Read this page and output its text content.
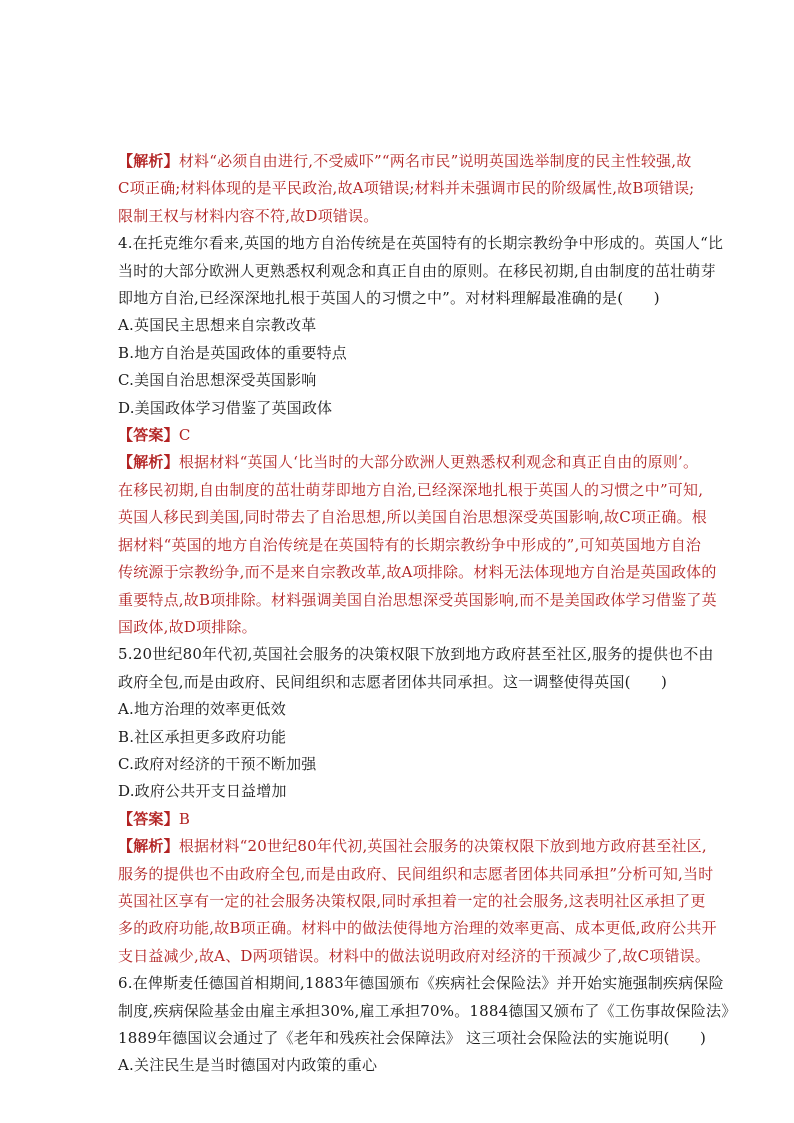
【解析】材料“必须自由进行,不受威吓”“两名市民”说明英国选举制度的民主性较强,故
C项正确;材料体现的是平民政治,故A项错误;材料并未强调市民的阶级属性,故B项错误;
限制王权与材料内容不符,故D项错误。
4.在托克维尔看来,英国的地方自治传统是在英国特有的长期宗教纷争中形成的。英国人“比
当时的大部分欧洲人更熟悉权利观念和真正自由的原则。在移民初期,自由制度的茁壮萌芽
即地方自治,已经深深地扎根于英国人的习惯之中”。对材料理解最准确的是(　　)
A.英国民主思想来自宗教改革
B.地方自治是英国政体的重要特点
C.美国自治思想深受英国影响
D.美国政体学习借鉴了英国政体
【答案】C
【解析】根据材料“英国人‘比当时的大部分欧洲人更熟悉权利观念和真正自由的原则’。
在移民初期,自由制度的茁壮萌芽即地方自治,已经深深地扎根于英国人的习惯之中”可知,
英国人移民到美国,同时带去了自治思想,所以美国自治思想深受英国影响,故C项正确。根
据材料“英国的地方自治传统是在英国特有的长期宗教纷争中形成的”,可知英国地方自治
传统源于宗教纷争,而不是来自宗教改革,故A项排除。材料无法体现地方自治是英国政体的
重要特点,故B项排除。材料强调美国自治思想深受英国影响,而不是美国政体学习借鉴了英
国政体,故D项排除。
5.20世纪80年代初,英国社会服务的决策权限下放到地方政府甚至社区,服务的提供也不由
政府全包,而是由政府、民间组织和志愿者团体共同承担。这一调整使得英国(　　)
A.地方治理的效率更低效
B.社区承担更多政府功能
C.政府对经济的干预不断加强
D.政府公共开支日益增加
【答案】B
【解析】根据材料“20世纪80年代初,英国社会服务的决策权限下放到地方政府甚至社区,
服务的提供也不由政府全包,而是由政府、民间组织和志愿者团体共同承担”分析可知,当时
英国社区享有一定的社会服务决策权限,同时承担着一定的社会服务,这表明社区承担了更
多的政府功能,故B项正确。材料中的做法使得地方治理的效率更高、成本更低,政府公共开
支日益减少,故A、D两项错误。材料中的做法说明政府对经济的干预减少了,故C项错误。
6.在俾斯麦任德国首相期间,1883年德国颁布《疾病社会保险法》并开始实施强制疾病保险
制度,疾病保险基金由雇主承担30%,雇工承担70%。1884德国又颁布了《工伤事故保险法》
1889年德国议会通过了《老年和残疾社会保障法》 这三项社会保险法的实施说明(　　)
A.关注民生是当时德国对内政策的重心
